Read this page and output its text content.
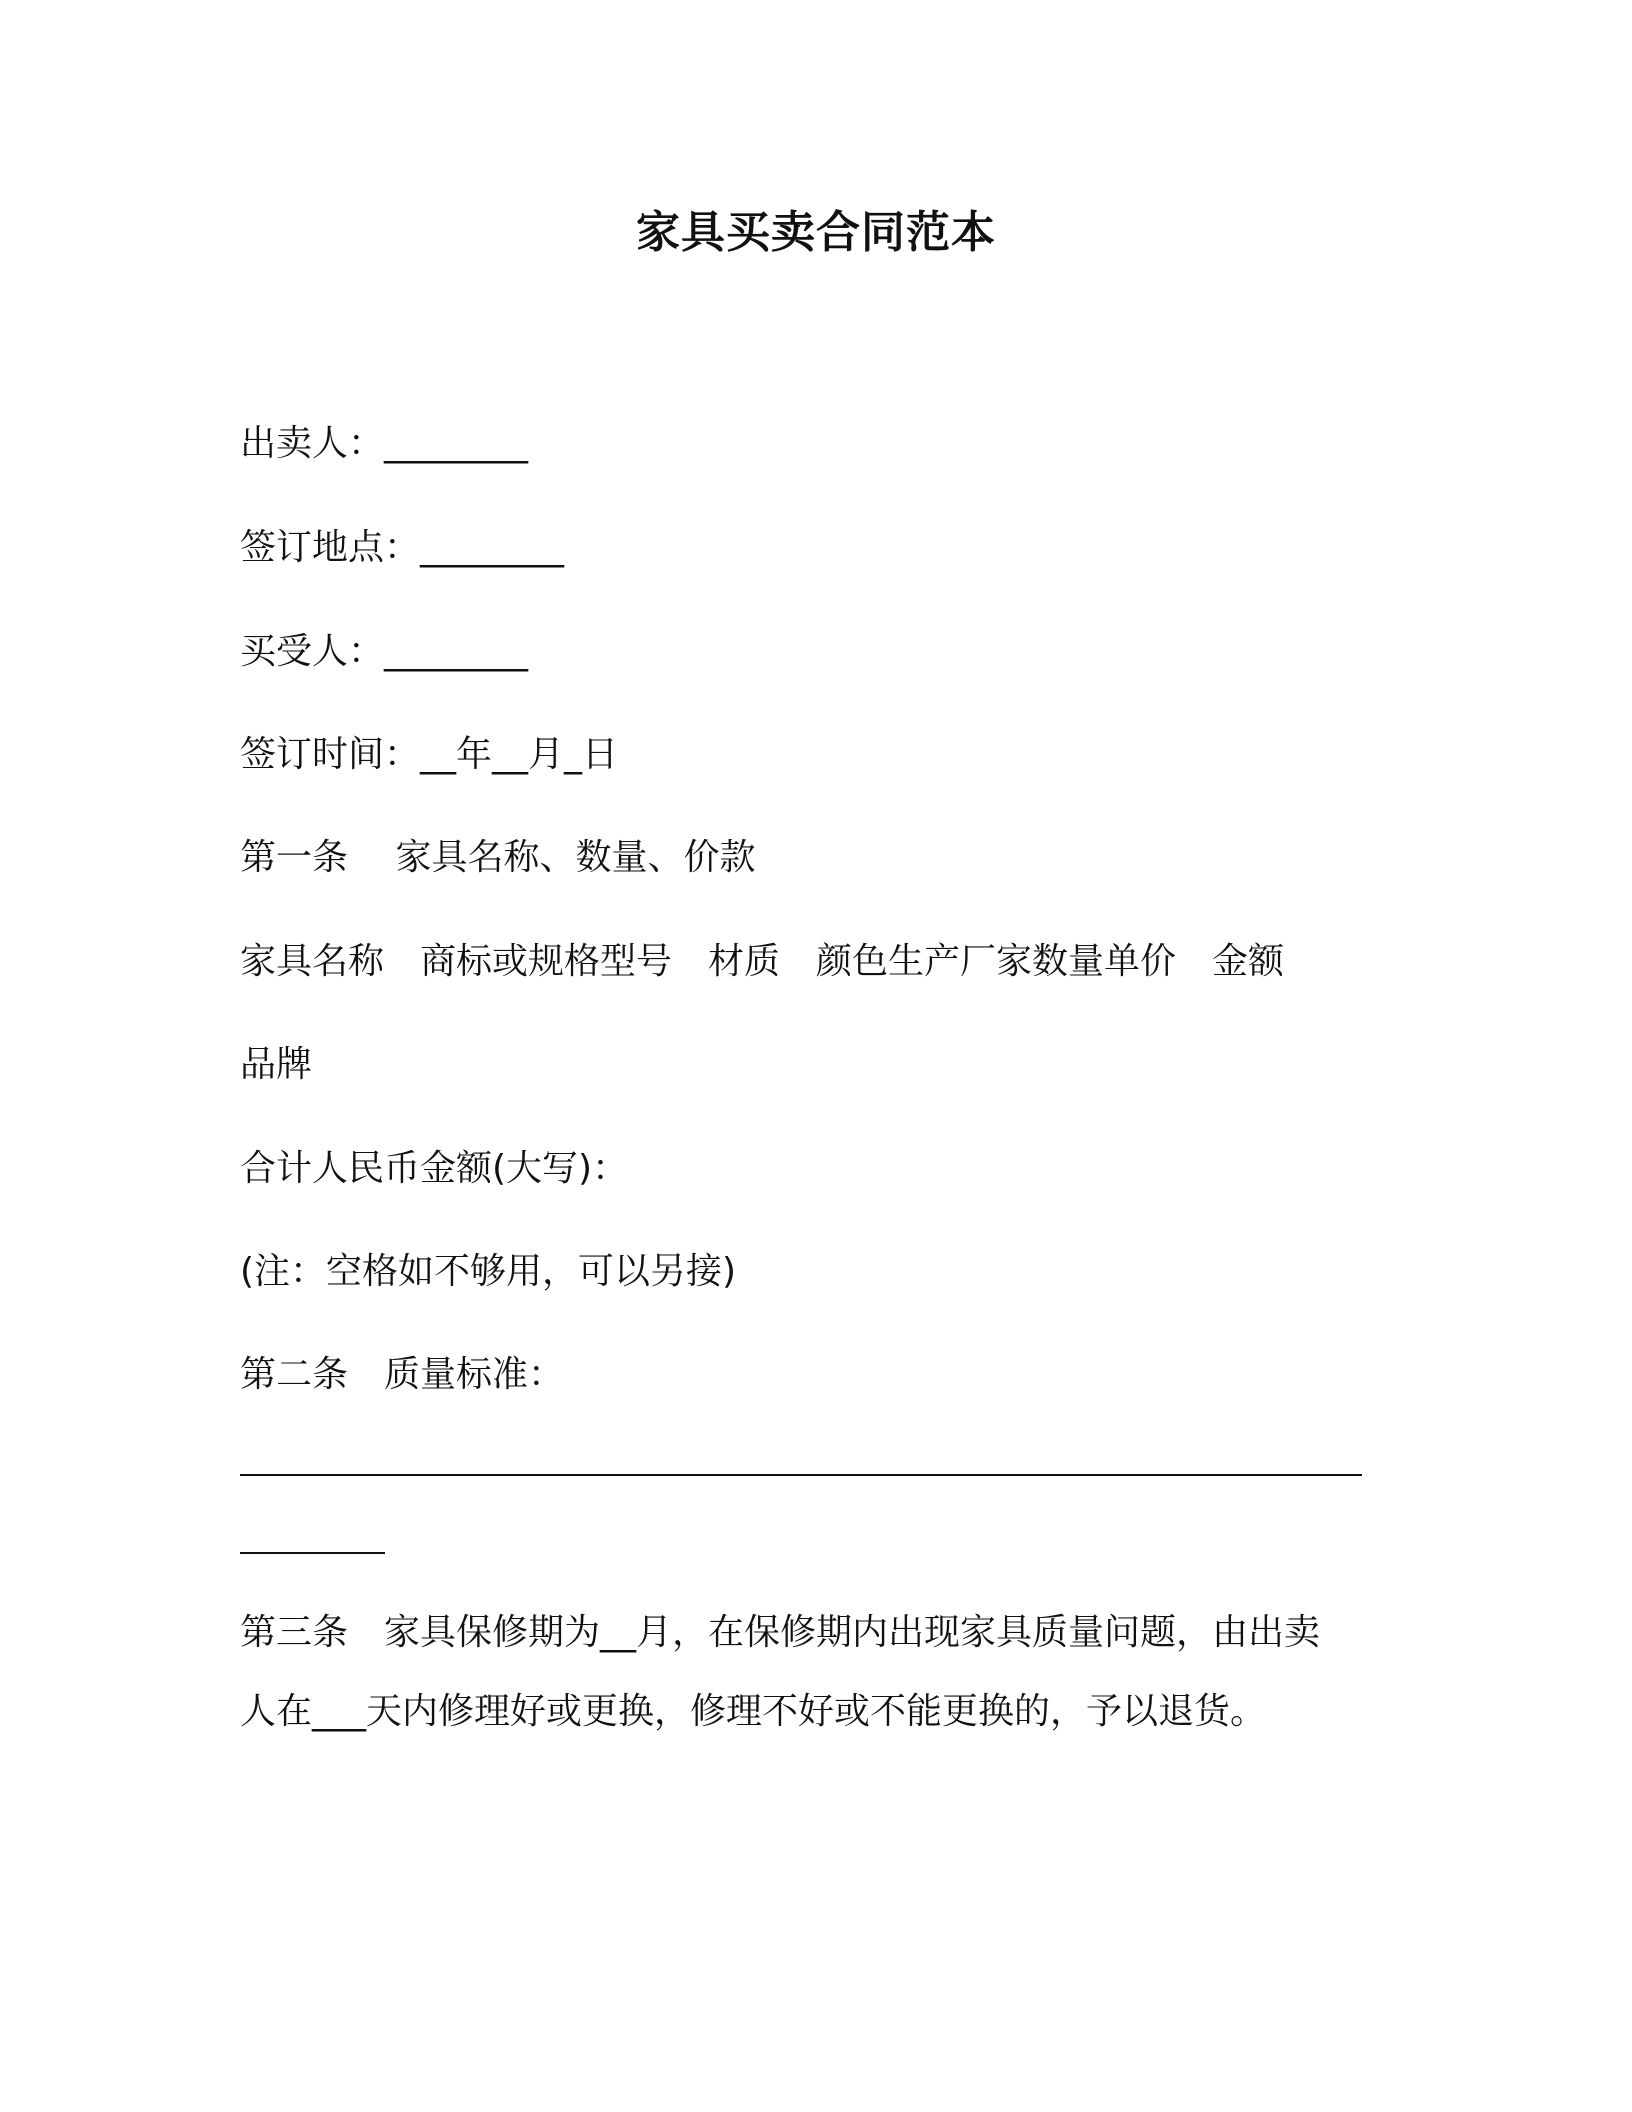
家具买卖合同范本
出卖人：________
签订地点：________
买受人：________
签订时间：__年__月_日
第一条　 家具名称、数量、价款
家具名称　商标或规格型号　材质　颜色生产厂家数量单价　金额
品牌
合计人民币金额(大写)：
(注：空格如不够用，可以另接)
第二条　质量标准：
第三条　家具保修期为__月，在保修期内出现家具质量问题，由出卖
人在___天内修理好或更换，修理不好或不能更换的，予以退货。
